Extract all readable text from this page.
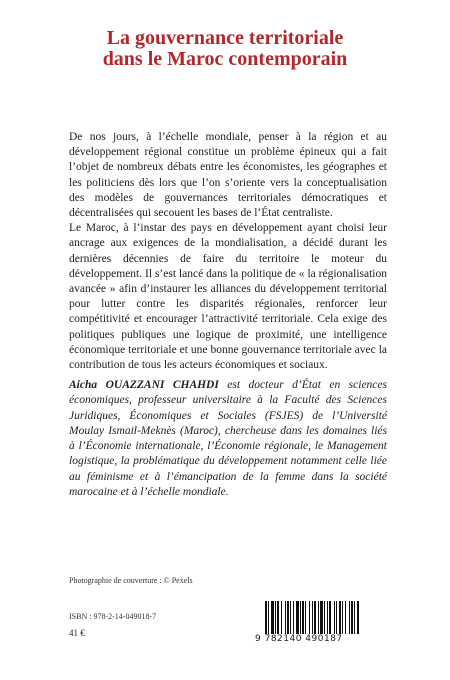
La gouvernance territoriale
dans le Maroc contemporain

De nos jours, à l’échelle mondiale, penser à la région et au développement régional constitue un problème épineux qui a fait l’objet de nombreux débats entre les économistes, les géographes et les politiciens dès lors que l’on s’oriente vers la conceptualisation des modèles de gouvernances territoriales démocratiques et décentralisées qui secouent les bases de l’État centraliste.

Le Maroc, à l’instar des pays en développement ayant choisi leur ancrage aux exigences de la mondialisation, a décidé durant les dernières décennies de faire du territoire le moteur du développement. Il s’est lancé dans la politique de « la régionalisation avancée » afin d’instaurer les alliances du développement territorial pour lutter contre les disparités régionales, renforcer leur compétitivité et encourager l’attractivité territoriale. Cela exige des politiques publiques une logique de proximité, une intelligence économique territoriale et une bonne gouvernance territoriale avec la contribution de tous les acteurs économiques et sociaux.

Aicha OUAZZANI CHAHDI est docteur d’État en sciences économiques, professeur universitaire à la Faculté des Sciences Juridiques, Économiques et Sociales (FSJES) de l’Université Moulay Ismail-Meknès (Maroc), chercheuse dans les domaines liés à l’Économie internationale, l’Économie régionale, le Management logistique, la problématique du développement notamment celle liée au féminisme et à l’émancipation de la femme dans la société marocaine et à l’échelle mondiale.
Photographie de couverture : © Pexels
ISBN : 978-2-14-049018-7
41 €
9 782140 490187
